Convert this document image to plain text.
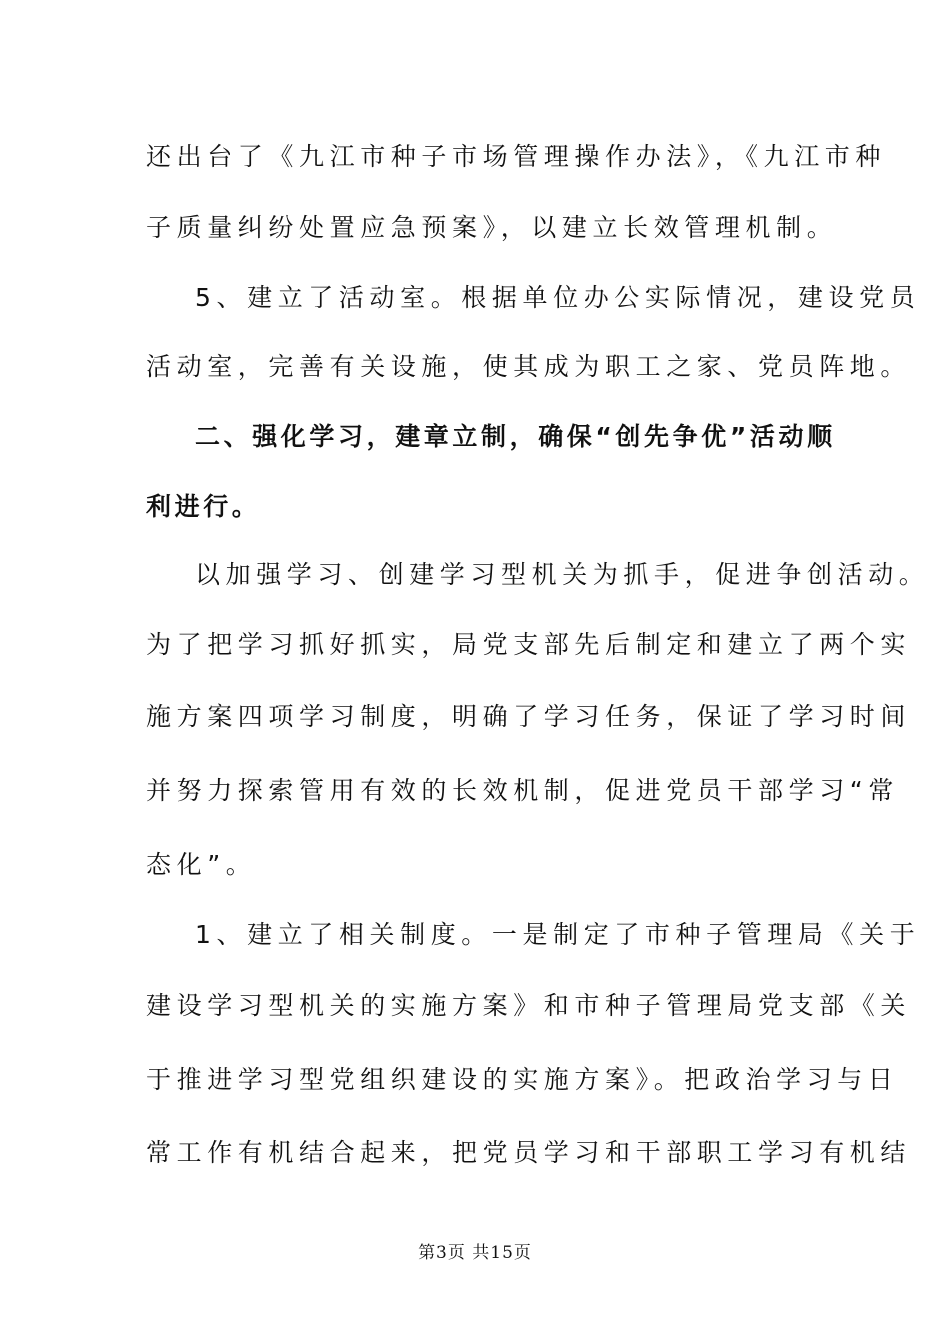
还出台了《九江市种子市场管理操作办法》，《九江市种
子质量纠纷处置应急预案》，以建立长效管理机制。
5、建立了活动室。根据单位办公实际情况，建设党员
活动室，完善有关设施，使其成为职工之家、党员阵地。
二、强化学习，建章立制，确保“创先争优”活动顺
利进行。
以加强学习、创建学习型机关为抓手，促进争创活动。
为了把学习抓好抓实，局党支部先后制定和建立了两个实
施方案四项学习制度，明确了学习任务，保证了学习时间
并努力探索管用有效的长效机制，促进党员干部学习“常
态化”。
1、建立了相关制度。一是制定了市种子管理局《关于
建设学习型机关的实施方案》和市种子管理局党支部《关
于推进学习型党组织建设的实施方案》。把政治学习与日
常工作有机结合起来，把党员学习和干部职工学习有机结
第3页 共15页
